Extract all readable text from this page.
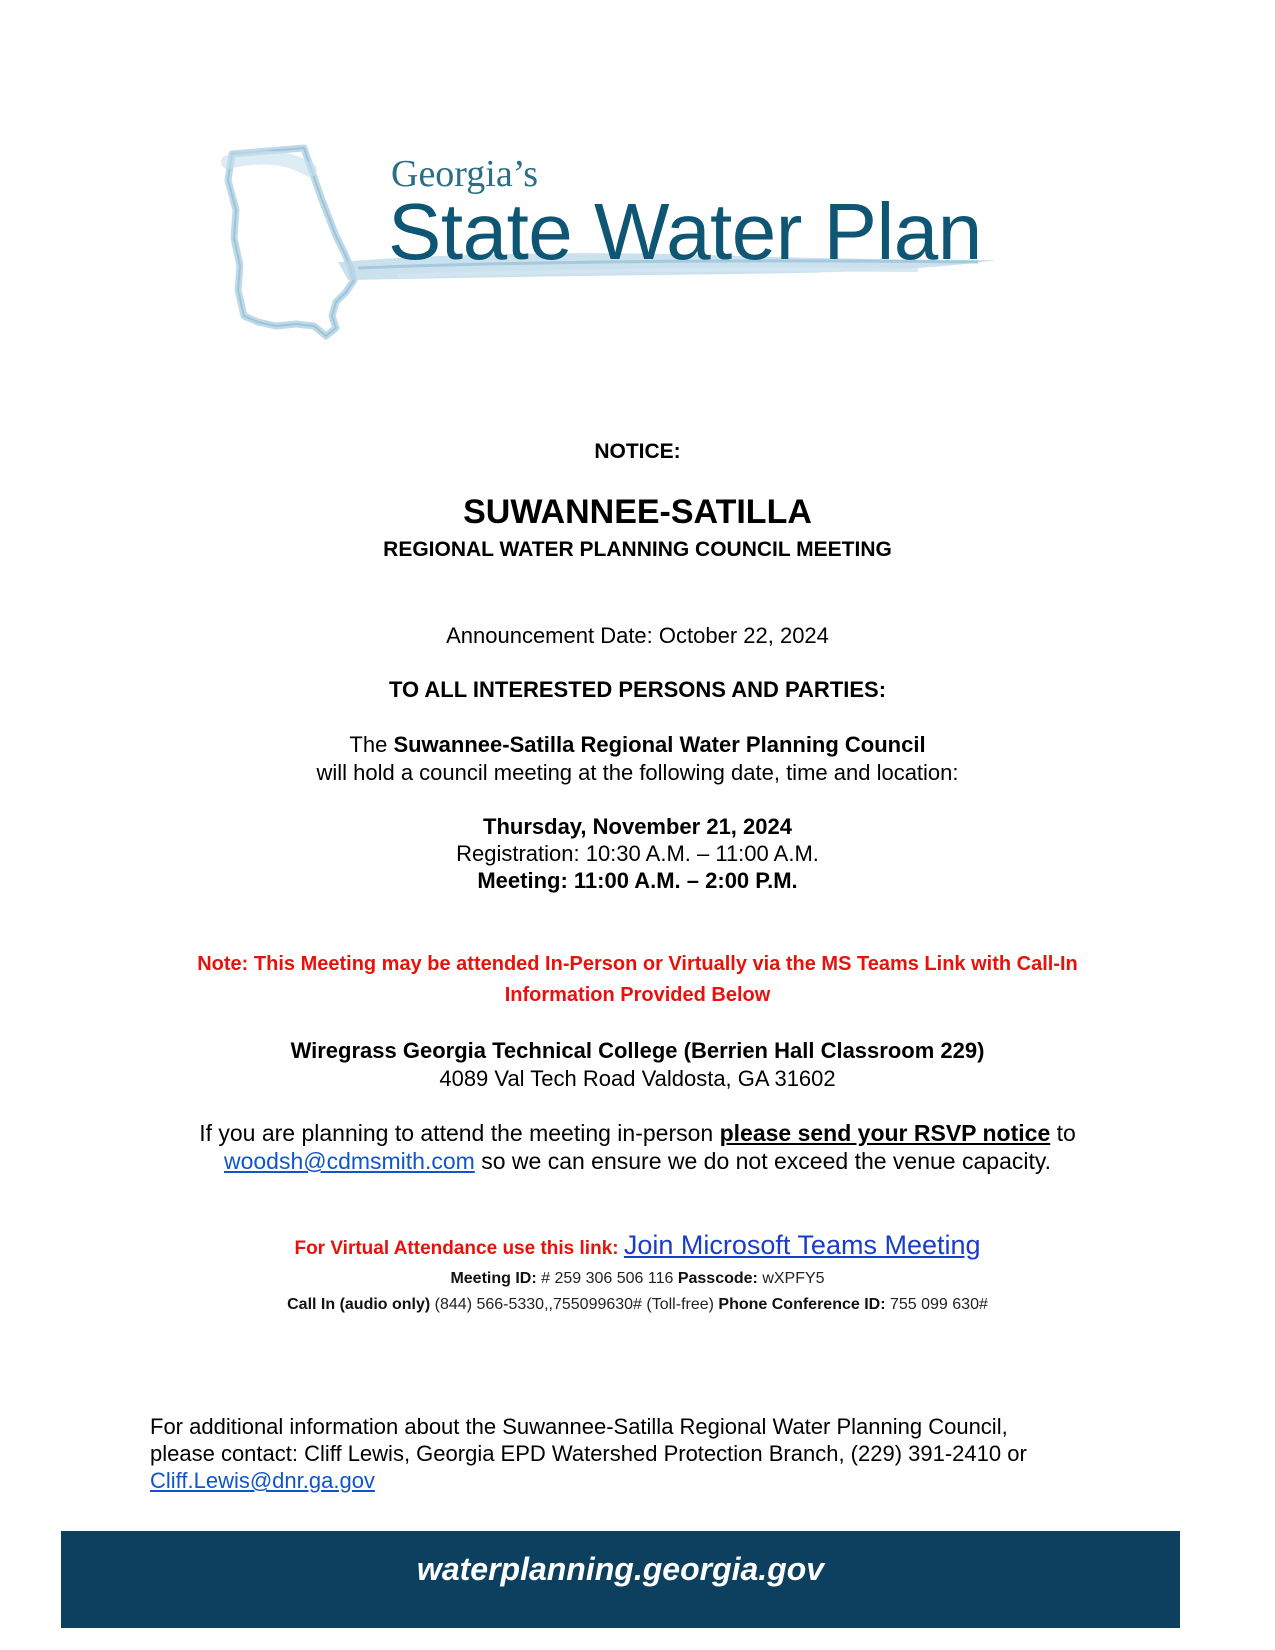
Georgia’s
State Water Plan
NOTICE:
SUWANNEE-SATILLA
REGIONAL WATER PLANNING COUNCIL MEETING
Announcement Date: October 22, 2024
TO ALL INTERESTED PERSONS AND PARTIES:
The Suwannee-Satilla Regional Water Planning Council
will hold a council meeting at the following date, time and location:
Thursday, November 21, 2024
Registration: 10:30 A.M. – 11:00 A.M.
Meeting: 11:00 A.M. – 2:00 P.M.
Note: This Meeting may be attended In-Person or Virtually via the MS Teams Link with Call-In
Information Provided Below
Wiregrass Georgia Technical College (Berrien Hall Classroom 229)
4089 Val Tech Road Valdosta, GA 31602
If you are planning to attend the meeting in-person please send your RSVP notice to
woodsh@cdmsmith.com so we can ensure we do not exceed the venue capacity.
For Virtual Attendance use this link: Join Microsoft Teams Meeting
Meeting ID: # 259 306 506 116 Passcode: wXPFY5
Call In (audio only) (844) 566-5330,,755099630# (Toll-free) Phone Conference ID: 755 099 630#
For additional information about the Suwannee-Satilla Regional Water Planning Council,
please contact: Cliff Lewis, Georgia EPD Watershed Protection Branch, (229) 391-2410 or
Cliff.Lewis@dnr.ga.gov
waterplanning.georgia.gov
